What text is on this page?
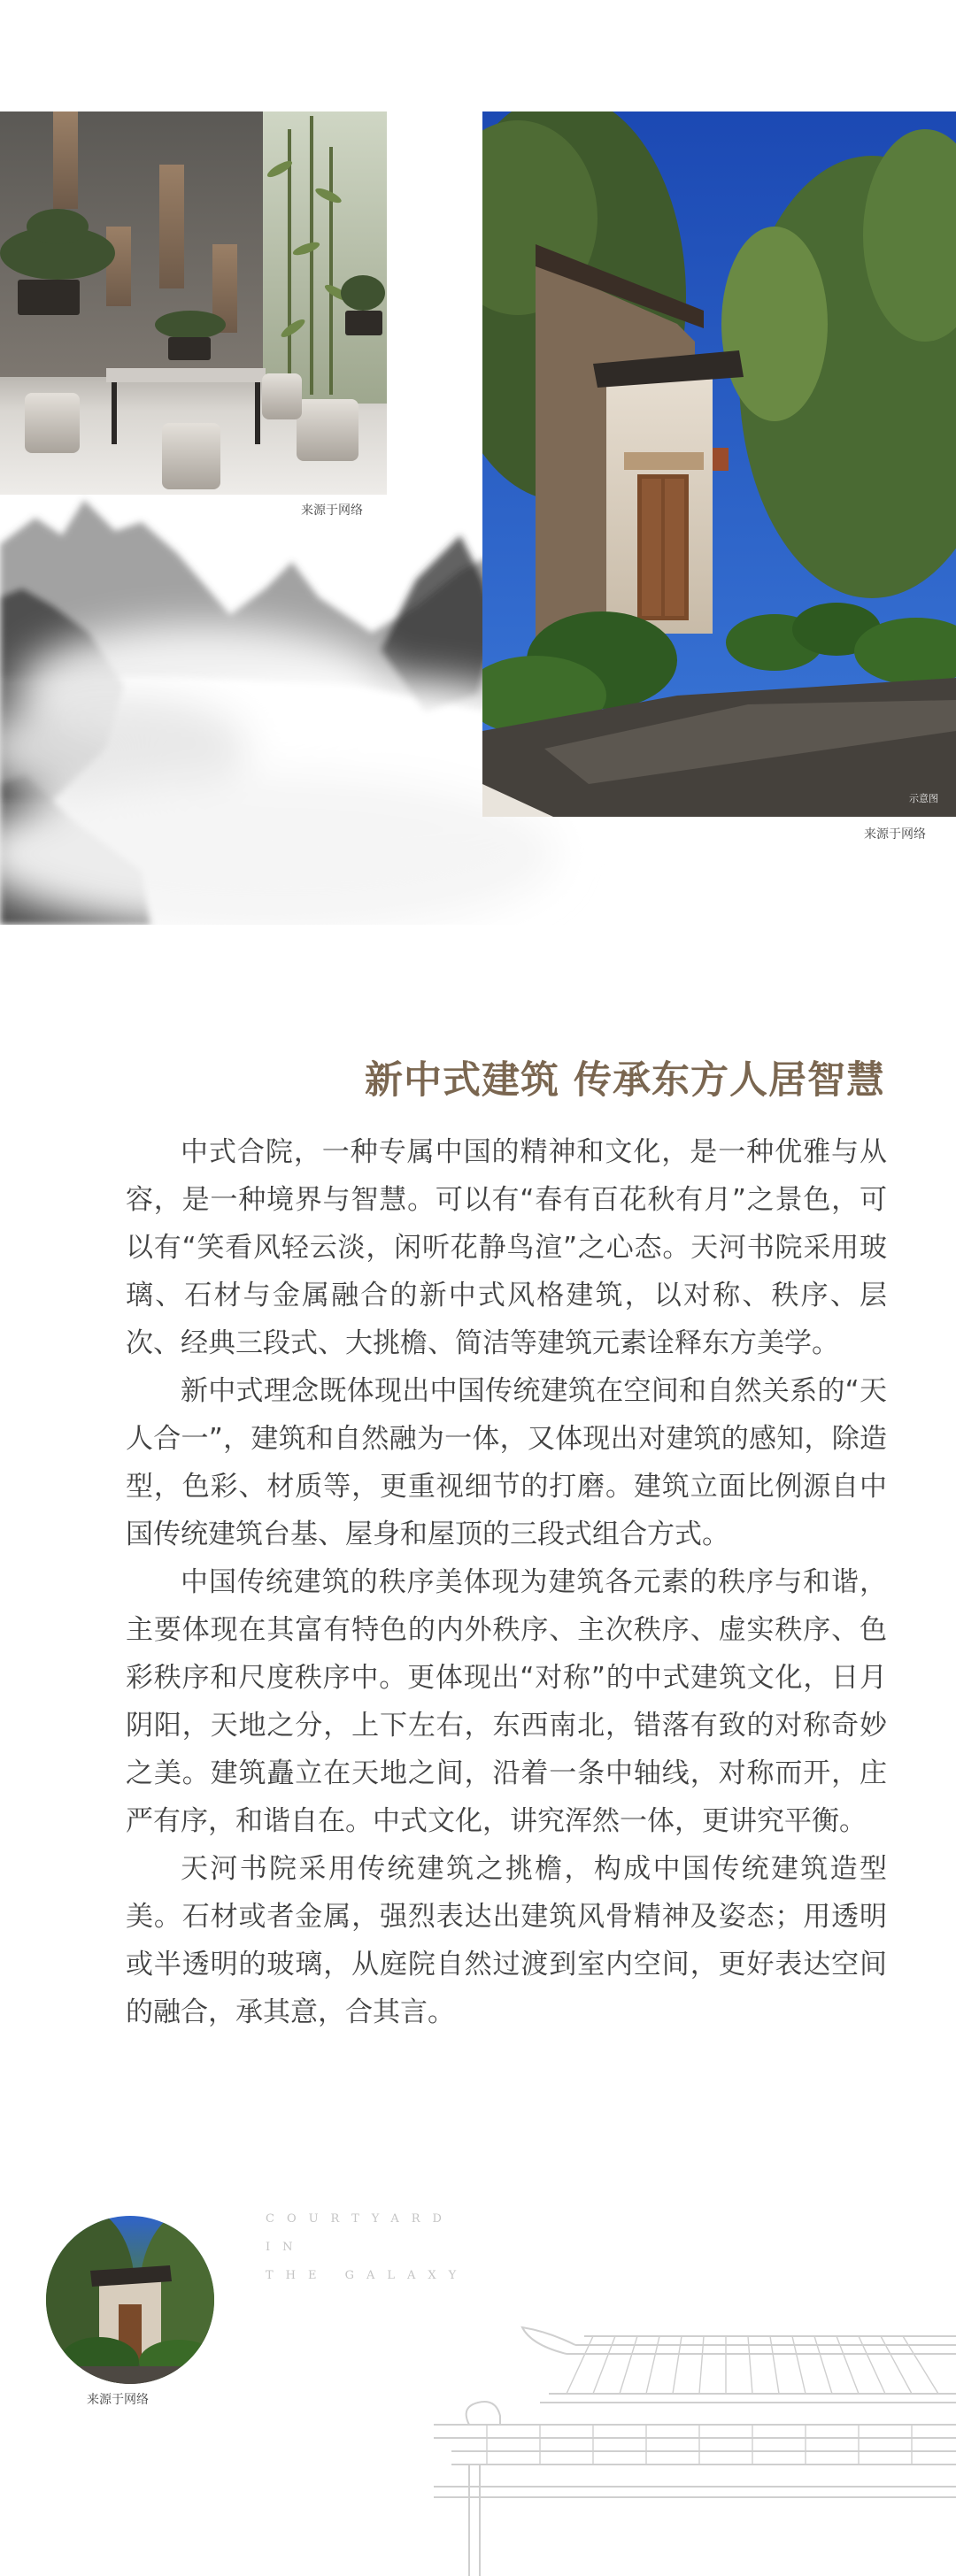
来源于网络
示意图
来源于网络
新中式建筑 传承东方人居智慧

中式合院，一种专属中国的精神和文化，是一种优雅与从容，是一种境界与智慧。可以有“春有百花秋有月”之景色，可以有“笑看风轻云淡，闲听花静鸟渲”之心态。天河书院采用玻璃、石材与金属融合的新中式风格建筑，以对称、秩序、层次、经典三段式、大挑檐、简洁等建筑元素诠释东方美学。

新中式理念既体现出中国传统建筑在空间和自然关系的“天人合一”，建筑和自然融为一体，又体现出对建筑的感知，除造型，色彩、材质等，更重视细节的打磨。建筑立面比例源自中国传统建筑台基、屋身和屋顶的三段式组合方式。

中国传统建筑的秩序美体现为建筑各元素的秩序与和谐，主要体现在其富有特色的内外秩序、主次秩序、虚实秩序、色彩秩序和尺度秩序中。更体现出“对称”的中式建筑文化，日月阴阳，天地之分，上下左右，东西南北，错落有致的对称奇妙之美。建筑矗立在天地之间，沿着一条中轴线，对称而开，庄严有序，和谐自在。中式文化，讲究浑然一体，更讲究平衡。

天河书院采用传统建筑之挑檐，构成中国传统建筑造型美。石材或者金属，强烈表达出建筑风骨精神及姿态；用透明或半透明的玻璃，从庭院自然过渡到室内空间，更好表达空间的融合，承其意，合其言。

来源于网络
COURTYARD
IN
THE GALAXY
